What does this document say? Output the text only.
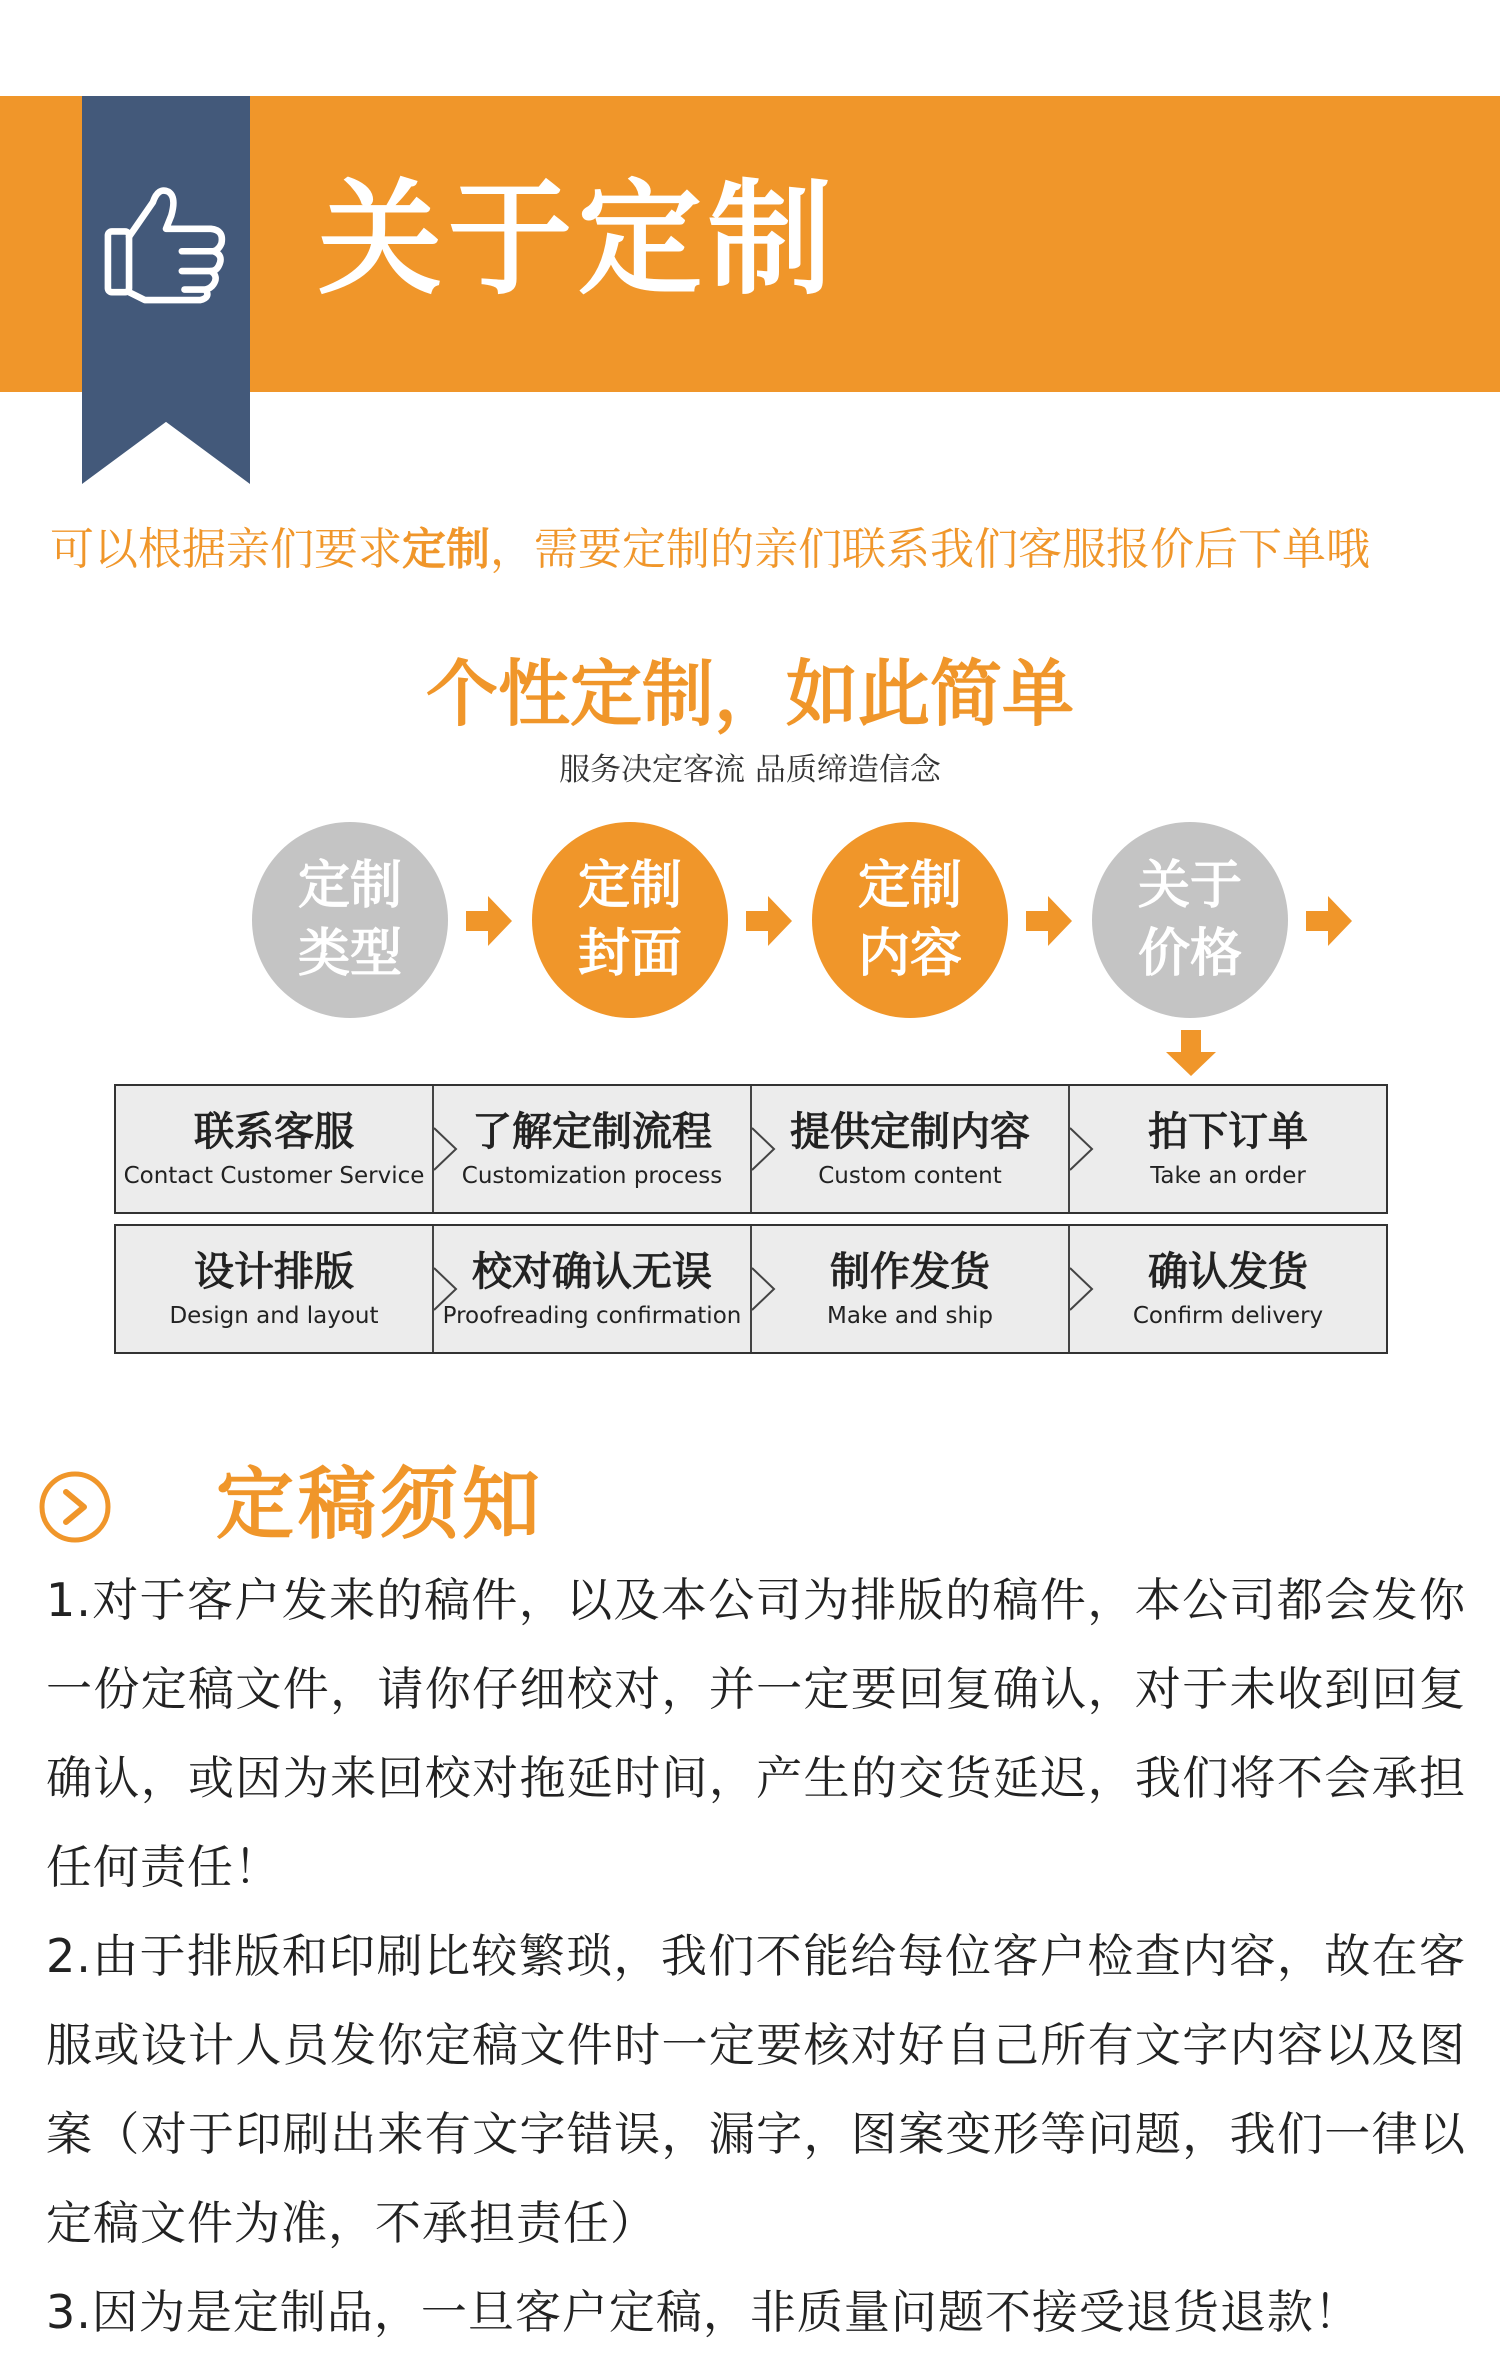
关于定制
可以根据亲们要求定制，需要定制的亲们联系我们客服报价后下单哦
个性定制，如此简单
服务决定客流 品质缔造信念
定制
类型
定制
封面
定制
内容
关于
价格
联系客服
Contact Customer Service
了解定制流程
Customization process
提供定制内容
Custom content
拍下订单
Take an order
设计排版
Design and layout
校对确认无误
Proofreading confirmation
制作发货
Make and ship
确认发货
Confirm delivery
定稿须知

1.对于客户发来的稿件，以及本公司为排版的稿件，本公司都会发你一份定稿文件，请你仔细校对，并一定要回复确认，对于未收到回复确认，或因为来回校对拖延时间，产生的交货延迟，我们将不会承担任何责任！

2.由于排版和印刷比较繁琐，我们不能给每位客户检查内容，故在客服或设计人员发你定稿文件时一定要核对好自己所有文字内容以及图案（对于印刷出来有文字错误，漏字，图案变形等问题，我们一律以定稿文件为准，不承担责任）

3.因为是定制品，一旦客户定稿，非质量问题不接受退货退款！
